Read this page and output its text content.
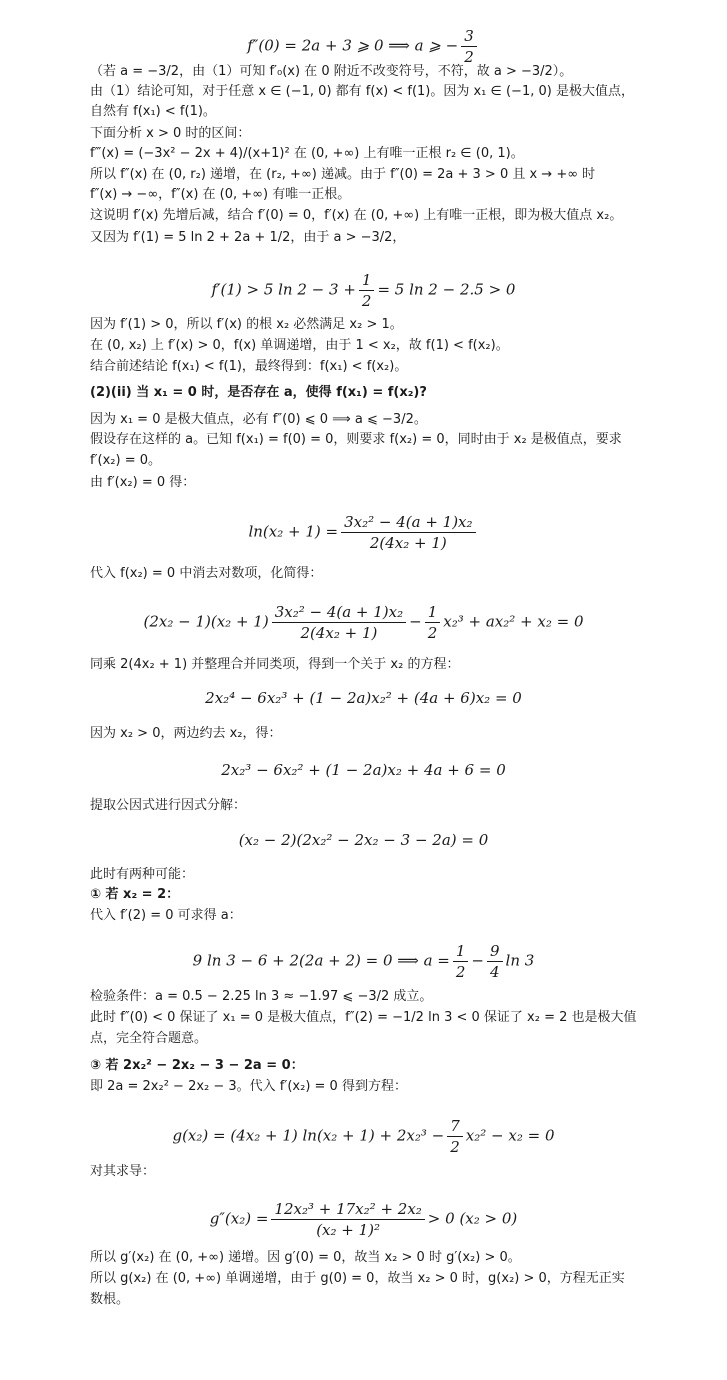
f″(0) = 2a + 3 ⩾ 0 ⟹ a ⩾ − $\frac{3}{2}$
（若 a = −3/2，由（1）可知 f′₀(x) 在 0 附近不改变符号，不符，故 a > −3/2）。
由（1）结论可知，对于任意 x ∈ (−1, 0) 都有 f(x) < f(1)。因为 x₁ ∈ (−1, 0) 是极大值点，
自然有 f(x₁) < f(1)。
下面分析 x > 0 时的区间：
f‴(x) = (−3x² − 2x + 4)/(x+1)² 在 (0, +∞) 上有唯一正根 r₂ ∈ (0, 1)。
所以 f″(x) 在 (0, r₂) 递增，在 (r₂, +∞) 递减。由于 f″(0) = 2a + 3 > 0 且 x → +∞ 时
f″(x) → −∞，f″(x) 在 (0, +∞) 有唯一正根。
这说明 f′(x) 先增后减，结合 f′(0) = 0，f′(x) 在 (0, +∞) 上有唯一正根，即为极大值点 x₂。
又因为 f′(1) = 5 ln 2 + 2a + 1/2，由于 a > −3/2，
f′(1) > 5 $\ln 2 - 3 + \frac{1}{2} = 5$ ln 2 − 2.5 > 0
因为 f′(1) > 0，所以 f′(x) 的根 x₂ 必然满足 x₂ > 1。
在 (0, x₂) 上 f′(x) > 0，f(x) 单调递增，由于 1 < x₂，故 f(1) < f(x₂)。
结合前述结论 f(x₁) < f(1)，最终得到：f(x₁) < f(x₂)。
(2)(ii) 当 x₁ = 0 时，是否存在 a，使得 f(x₁) = f(x₂)?
因为 x₁ = 0 是极大值点，必有 f″(0) ⩽ 0 ⟹ a ⩽ −3/2。
假设存在这样的 a。已知 f(x₁) = f(0) = 0，则要求 f(x₂) = 0，同时由于 x₂ 是极值点，要求
f′(x₂) = 0。
由 f′(x₂) = 0 得：
$\ln(x_2 + 1) = \frac{\text{3x₂² − 4(a + 1)x₂}}{\text{2(4x₂ + 1)}}$
代入 f(x₂) = 0 中消去对数项，化简得：
$(2x_2 - 1)(x_2 + 1) \frac{\text{3x₂² − 4(a + 1)x₂}}{\text{2(4x₂ + 1)}} - \frac{1}{2} x_2^3 + ax_2^2 + x_2 = 0$
同乘 2(4x₂ + 1) 并整理合并同类项，得到一个关于 x₂ 的方程：
2x₂⁴ − 6x₂³ + (1 − 2a)x₂² + (4a + 6)x₂ = 0
因为 x₂ > 0，两边约去 x₂，得：
2x₂³ − 6x₂² + (1 − 2a)x₂ + 4a + 6 = 0
提取公因式进行因式分解：
(x₂ − 2)(2x₂² − 2x₂ − 3 − 2a) = 0
此时有两种可能：
① 若 x₂ = 2：
代入 f′(2) = 0 可求得 a：
9 ln 3 − 6 + 2(2a + 2) = 0 ⟹ $a = \frac{1}{2} - \frac{9}{4}$ ln 3
检验条件：a = 0.5 − 2.25 ln 3 ≈ −1.97 ⩽ −3/2 成立。
此时 f″(0) < 0 保证了 x₁ = 0 是极大值点，f″(2) = −1/2 ln 3 < 0 保证了 x₂ = 2 也是极大值
点，完全符合题意。
③ 若 2x₂² − 2x₂ − 3 − 2a = 0：
即 2a = 2x₂² − 2x₂ − 3。代入 f′(x₂) = 0 得到方程：
g(x₂) = (4x₂ + 1) $\ln(x_2 + 1) + 2x_2^3 - \frac{7}{2} x_2^2 - x_2 = 0$
对其求导：
$g''(x_2) = \frac{\text{12x₂³ + 17x₂² + 2x₂}}{\text{(x₂ + 1)²}} > 0$ (x₂ > 0)
所以 g′(x₂) 在 (0, +∞) 递增。因 g′(0) = 0，故当 x₂ > 0 时 g′(x₂) > 0。
所以 g(x₂) 在 (0, +∞) 单调递增，由于 g(0) = 0，故当 x₂ > 0 时，g(x₂) > 0，方程无正实
数根。
